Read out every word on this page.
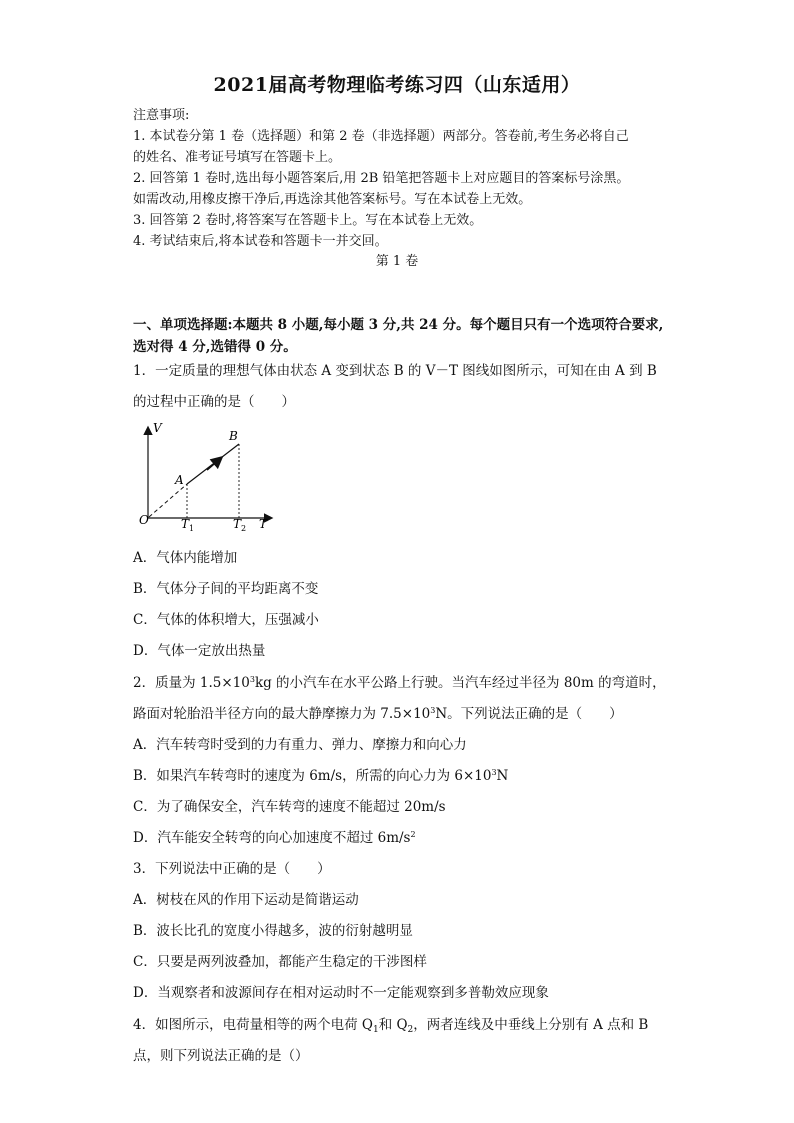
2021届高考物理临考练习四（山东适用）
注意事项:
1. 本试卷分第 1 卷（选择题）和第 2 卷（非选择题）两部分。答卷前,考生务必将自己
的姓名、准考证号填写在答题卡上。
2. 回答第 1 卷时,选出每小题答案后,用 2B 铅笔把答题卡上对应题目的答案标号涂黑。
如需改动,用橡皮擦干净后,再选涂其他答案标号。写在本试卷上无效。
3. 回答第 2 卷时,将答案写在答题卡上。写在本试卷上无效。
4. 考试结束后,将本试卷和答题卡一并交回。
第 1 卷
一、单项选择题:本题共 8 小题,每小题 3 分,共 24 分。每个题目只有一个选项符合要求,
选对得 4 分,选错得 0 分。
1．一定质量的理想气体由状态 A 变到状态 B 的 V－T 图线如图所示，可知在由 A 到 B
的过程中正确的是（　　）
V
T
O
A
B
$T_1$	$T_2$
A．气体内能增加
B．气体分子间的平均距离不变
C．气体的体积增大，压强减小
D．气体一定放出热量
2．质量为 $1.5\times 10^3kg$ 的小汽车在水平公路上行驶。当汽车经过半径为 80m 的弯道时，
路面对轮胎沿半径方向的最大静摩擦力为 $7.5\times 10^3N$。下列说法正确的是（　　）
A．汽车转弯时受到的力有重力、弹力、摩擦力和向心力
B．如果汽车转弯时的速度为 6m/s，所需的向心力为 $6\times 10^3N$
C．为了确保安全，汽车转弯的速度不能超过 20m/s
D．汽车能安全转弯的向心加速度不超过 $6m/s^2$
3．下列说法中正确的是（　　）
A．树枝在风的作用下运动是简谐运动
B．波长比孔的宽度小得越多，波的衍射越明显
C．只要是两列波叠加，都能产生稳定的干涉图样
D．当观察者和波源间存在相对运动时不一定能观察到多普勒效应现象
4．如图所示，电荷量相等的两个电荷 $Q_1$和 $Q_2$，两者连线及中垂线上分别有 A 点和 B
点，则下列说法正确的是（）
